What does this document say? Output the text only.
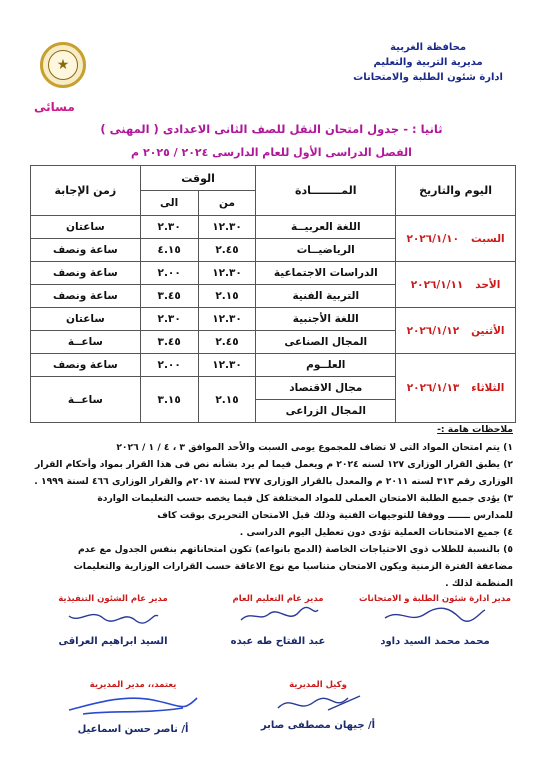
محافظة الغربية
مديرية التربية والتعليم
ادارة شئون الطلبة والامتحانات
★
مسائى
ثانيا : - جدول امتحان النقل للصف الثانى الاعدادى ( المهنى )
الفصل الدراسى الأول للعام الدارسى ٢٠٢٤ / ٢٠٢٥ م
اليوم والتاريخ	المــــــــادة	الوقت		زمن الإجابة
		من	الى	
السبت٢٠٢٦/١/١٠	اللغة العربيــة	١٢.٣٠	٢.٣٠	ساعتان
	الرياضيــات	٢.٤٥	٤.١٥	ساعة ونصف
الأحد٢٠٢٦/١/١١	الدراسات الاجتماعية	١٢.٣٠	٢.٠٠	ساعة ونصف
	التربية الفنية	٢.١٥	٣.٤٥	ساعة ونصف
الأثنين٢٠٢٦/١/١٢	اللغة الأجنبية	١٢.٣٠	٢.٣٠	ساعتان
	المجال الصناعى	٢.٤٥	٣.٤٥	ساعــة
الثلاثاء٢٠٢٦/١/١٣	العلــوم	١٢.٣٠	٢.٠٠	ساعة ونصف
	مجال الاقتصاد	٢.١٥	٣.١٥	ساعــة
	المجال الزراعى			
ملاحظات هامة :-
١) يتم امتحان المواد التى لا تضاف للمجموع يومى السبت والأحد الموافق ٣ ، ٤ / ١ / ٢٠٢٦
٢) يطبق القرار الوزارى ١٢٧ لسنه ٢٠٢٤ م ويعمل فيما لم يرد بشأنه نص فى هذا القرار بمواد وأحكام القرار
الوزارى رقم ٣١٣ لسنه ٢٠١١ م والمعدل بالقرار الوزارى ٣٧٧ لسنة ٢٠١٧م والقرار الوزارى ٤٦٦ لسنة ١٩٩٩ .
٣) يؤدى جميع الطلبة الامتحان العملى للمواد المختلفة كل فيما يخصه حسب التعليمات الواردة
للمدارس ـــــــ ووفقا للتوجيهات الفنية وذلك قبل الامتحان التحريرى بوقت كاف
٤) جميع الامتحانات العملية تؤدى دون تعطيل اليوم الدراسى .
٥) بالنسبة للطلاب ذوى الاحتياجات الخاصة (الدمج بانواعه) تكون امتحاناتهم بنفس الجدول مع عدم
مضاعفة الفترة الزمنية ويكون الامتحان متناسبا مع نوع الاعاقة حسب القرارات الوزارية والتعليمات
المنظمة لذلك .
مدير ادارة شئون الطلبة و الامتحانات
محمد محمد السيد داود
مدير عام التعليم العام
عبد الفتاح طه عبده
مدير عام الشئون التنفيذية
السيد ابراهيم العراقى
وكيل المديرية
أ/ جيهان مصطفى صابر
يعتمد،، مدير المديرية
أ/ ناصر حسن اسماعيل
